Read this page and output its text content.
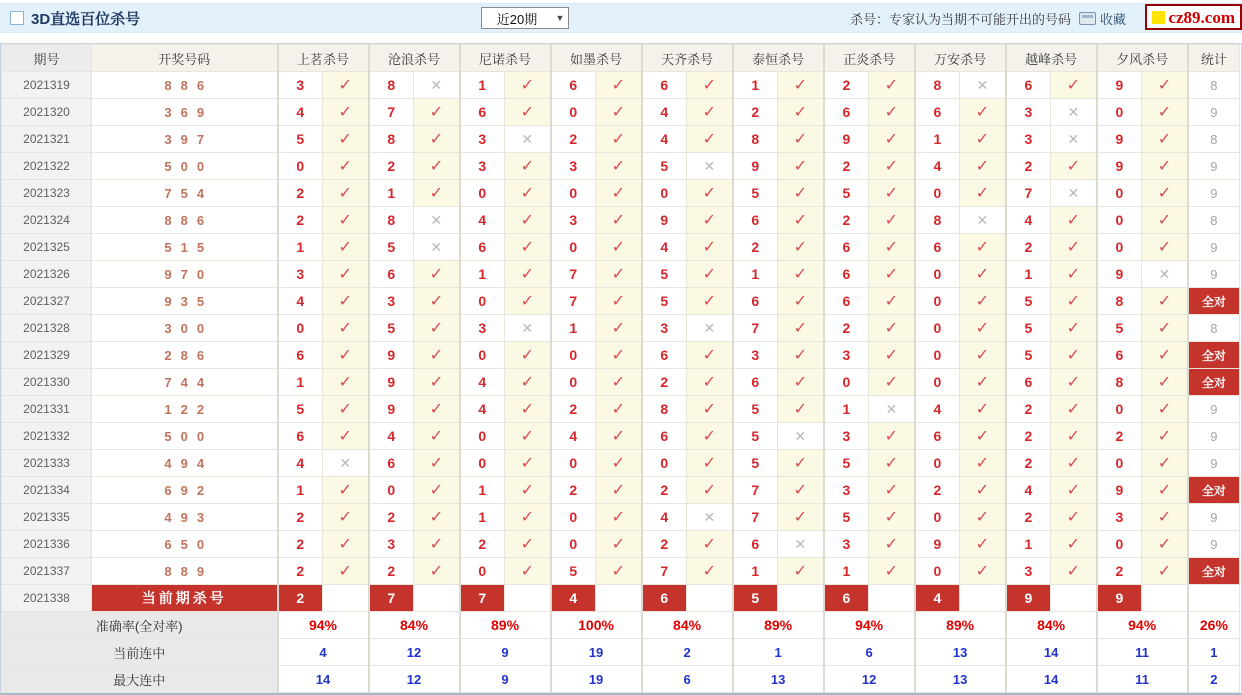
3D直选百位杀号	近20期	▼	杀号：专家认为当期不可能开出的号码 收藏 cz89.com
期号	开奖号码	上茗杀号		沧浪杀号		尼诺杀号		如墨杀号		天齐杀号		泰恒杀号		正炎杀号		万安杀号		越峰杀号		夕风杀号		统计
2021319	886	3	✓	8	✕	1	✓	6	✓	6	✓	1	✓	2	✓	8	✕	6	✓	9	✓	8
2021320	369	4	✓	7	✓	6	✓	0	✓	4	✓	2	✓	6	✓	6	✓	3	✕	0	✓	9
2021321	397	5	✓	8	✓	3	✕	2	✓	4	✓	8	✓	9	✓	1	✓	3	✕	9	✓	8
2021322	500	0	✓	2	✓	3	✓	3	✓	5	✕	9	✓	2	✓	4	✓	2	✓	9	✓	9
2021323	754	2	✓	1	✓	0	✓	0	✓	0	✓	5	✓	5	✓	0	✓	7	✕	0	✓	9
2021324	886	2	✓	8	✕	4	✓	3	✓	9	✓	6	✓	2	✓	8	✕	4	✓	0	✓	8
2021325	515	1	✓	5	✕	6	✓	0	✓	4	✓	2	✓	6	✓	6	✓	2	✓	0	✓	9
2021326	970	3	✓	6	✓	1	✓	7	✓	5	✓	1	✓	6	✓	0	✓	1	✓	9	✕	9
2021327	935	4	✓	3	✓	0	✓	7	✓	5	✓	6	✓	6	✓	0	✓	5	✓	8	✓	全对
2021328	300	0	✓	5	✓	3	✕	1	✓	3	✕	7	✓	2	✓	0	✓	5	✓	5	✓	8
2021329	286	6	✓	9	✓	0	✓	0	✓	6	✓	3	✓	3	✓	0	✓	5	✓	6	✓	全对
2021330	744	1	✓	9	✓	4	✓	0	✓	2	✓	6	✓	0	✓	0	✓	6	✓	8	✓	全对
2021331	122	5	✓	9	✓	4	✓	2	✓	8	✓	5	✓	1	✕	4	✓	2	✓	0	✓	9
2021332	500	6	✓	4	✓	0	✓	4	✓	6	✓	5	✕	3	✓	6	✓	2	✓	2	✓	9
2021333	494	4	✕	6	✓	0	✓	0	✓	0	✓	5	✓	5	✓	0	✓	2	✓	0	✓	9
2021334	692	1	✓	0	✓	1	✓	2	✓	2	✓	7	✓	3	✓	2	✓	4	✓	9	✓	全对
2021335	493	2	✓	2	✓	1	✓	0	✓	4	✕	7	✓	5	✓	0	✓	2	✓	3	✓	9
2021336	650	2	✓	3	✓	2	✓	0	✓	2	✓	6	✕	3	✓	9	✓	1	✓	0	✓	9
2021337	889	2	✓	2	✓	0	✓	5	✓	7	✓	1	✓	1	✓	0	✓	3	✓	2	✓	全对
2021338	当前期杀号	2		7		7		4		6		5		6		4		9		9		
准确率(全对率)		94%		84%		89%		100%		84%		89%		94%		89%		84%		94%		26%
当前连中		4		12		9		19		2		1		6		13		14		11		1
最大连中		14		12		9		19		6		13		12		13		14		11		2
